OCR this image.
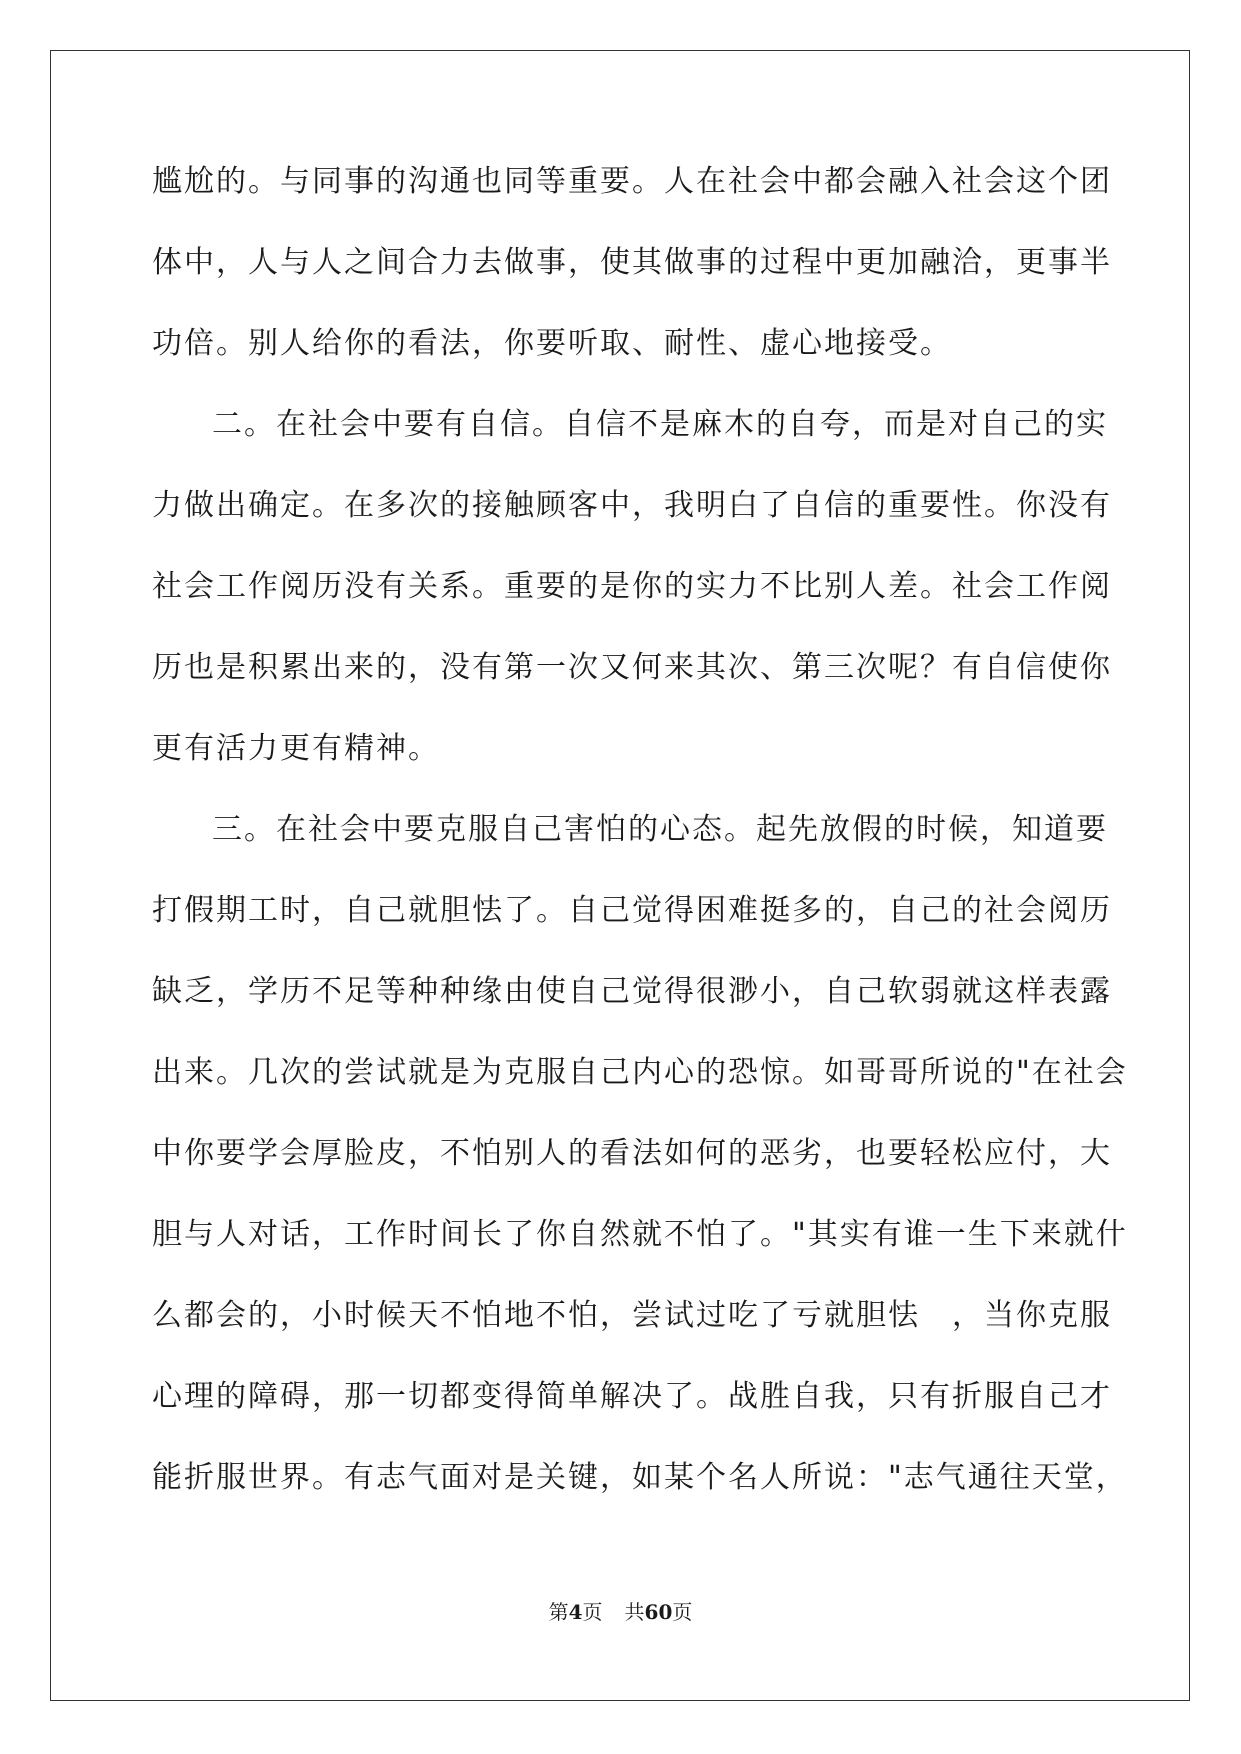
尴尬的。与同事的沟通也同等重要。人在社会中都会融入社会这个团
体中，人与人之间合力去做事，使其做事的过程中更加融洽，更事半
功倍。别人给你的看法，你要听取、耐性、虚心地接受。
二。在社会中要有自信。自信不是麻木的自夸，而是对自己的实
力做出确定。在多次的接触顾客中，我明白了自信的重要性。你没有
社会工作阅历没有关系。重要的是你的实力不比别人差。社会工作阅
历也是积累出来的，没有第一次又何来其次、第三次呢？有自信使你
更有活力更有精神。
三。在社会中要克服自己害怕的心态。起先放假的时候，知道要
打假期工时，自己就胆怯了。自己觉得困难挺多的，自己的社会阅历
缺乏，学历不足等种种缘由使自己觉得很渺小，自己软弱就这样表露
出来。几次的尝试就是为克服自己内心的恐惊。如哥哥所说的"在社会
中你要学会厚脸皮，不怕别人的看法如何的恶劣，也要轻松应付，大
胆与人对话，工作时间长了你自然就不怕了。"其实有谁一生下来就什
么都会的，小时候天不怕地不怕，尝试过吃了亏就胆怯　，当你克服
心理的障碍，那一切都变得简单解决了。战胜自我，只有折服自己才
能折服世界。有志气面对是关键，如某个名人所说："志气通往天堂，
第4页 共60页
